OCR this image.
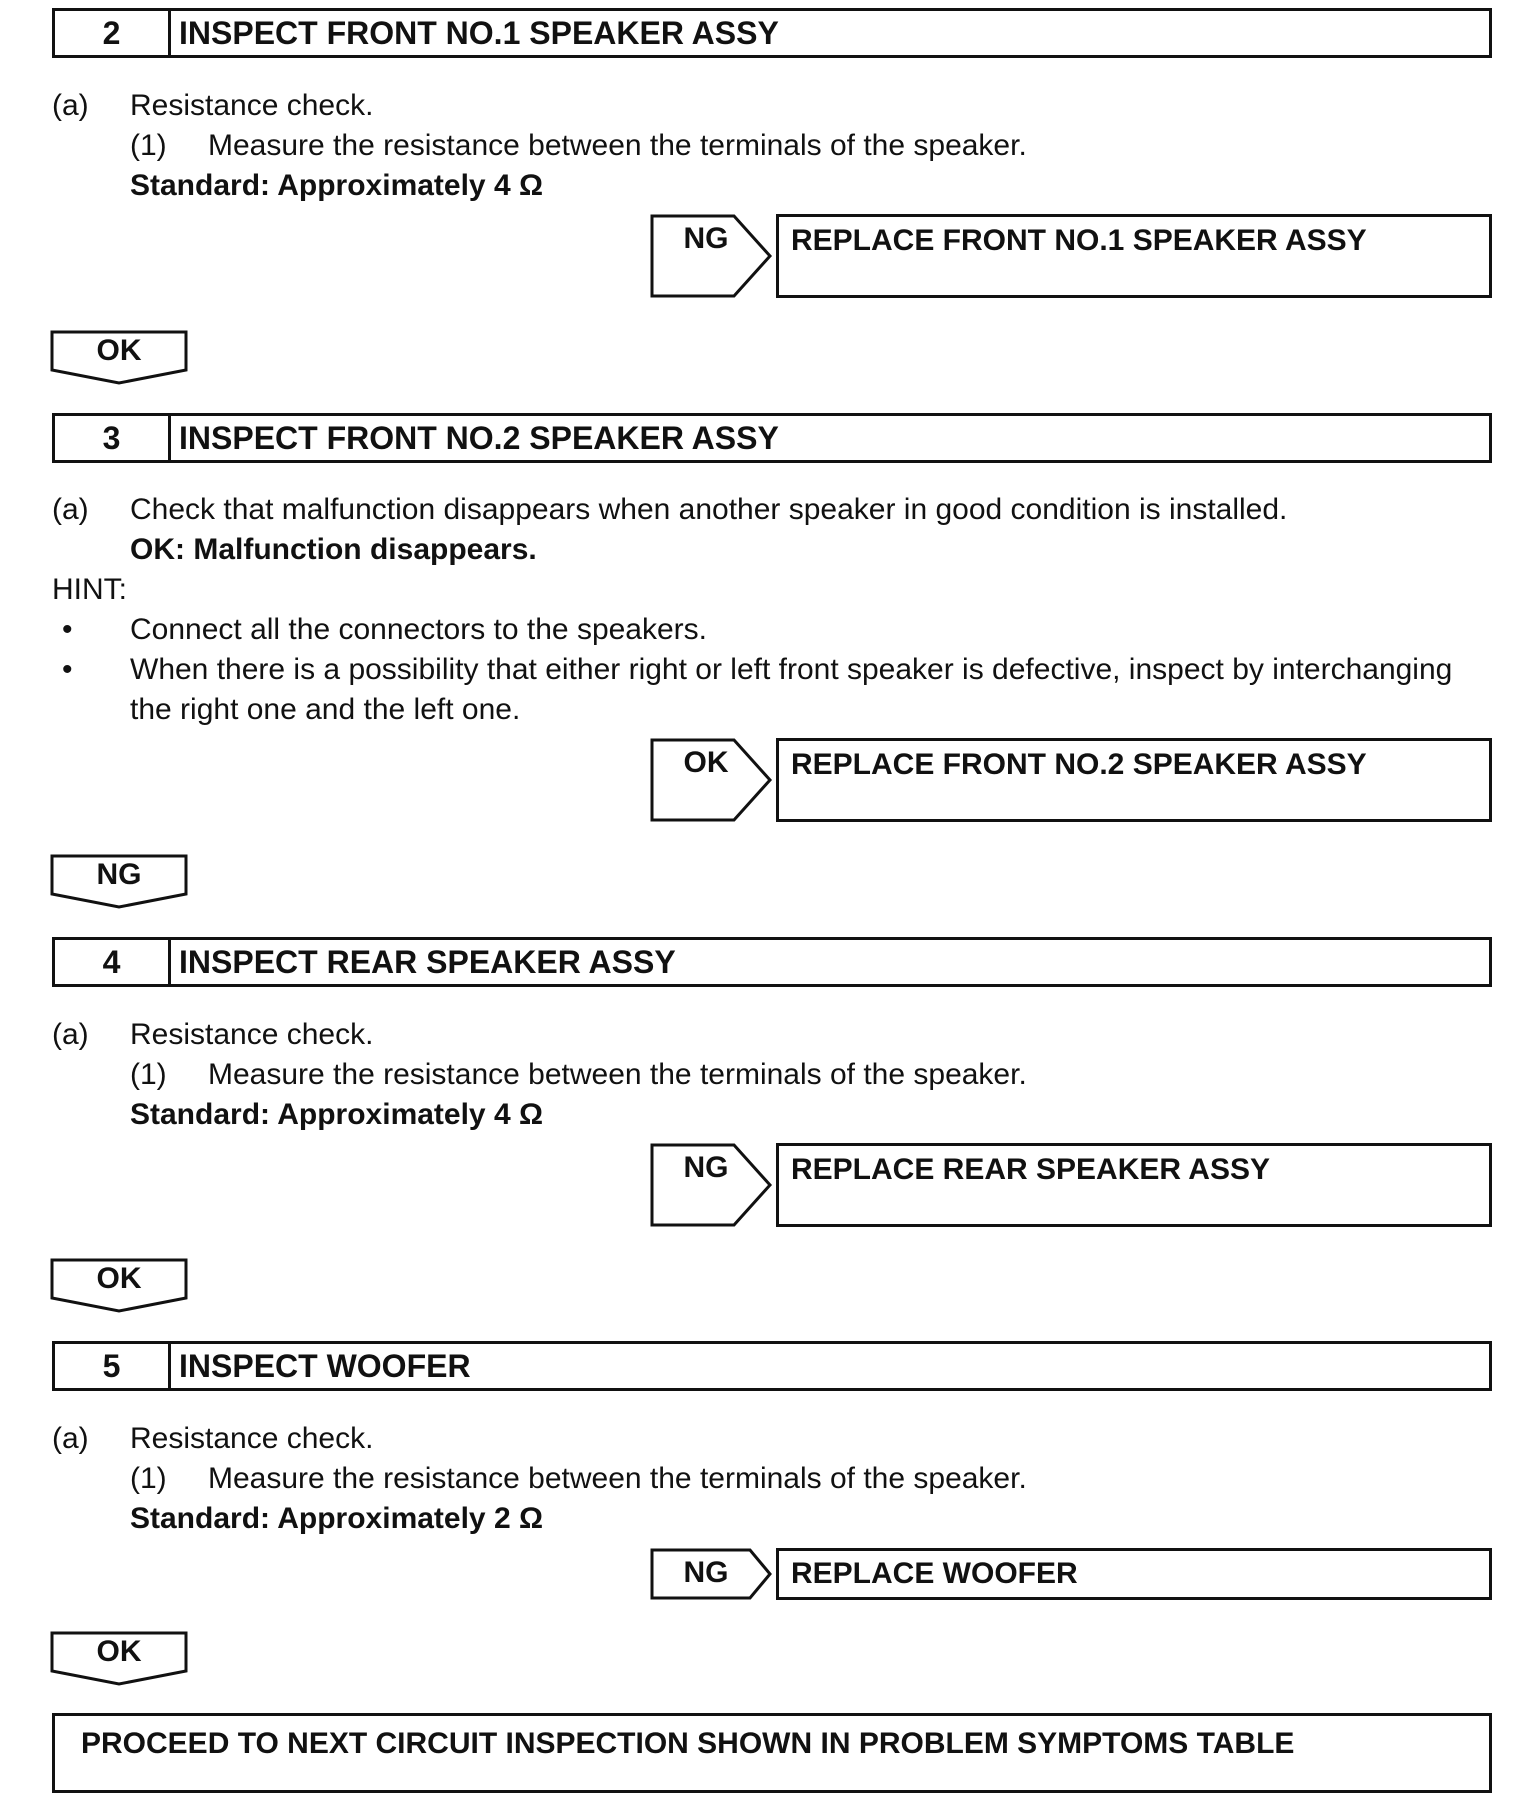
2	INSPECT FRONT NO.1 SPEAKER ASSY
(a) Resistance check.
(1) Measure the resistance between the terminals of the speaker.
Standard: Approximately 4 Ω
NG	REPLACE FRONT NO.1 SPEAKER ASSY
OK
3	INSPECT FRONT NO.2 SPEAKER ASSY
(a) Check that malfunction disappears when another speaker in good condition is installed.
OK: Malfunction disappears.
HINT:
• Connect all the connectors to the speakers.
• When there is a possibility that either right or left front speaker is defective, inspect by interchanging
the right one and the left one.
OK	REPLACE FRONT NO.2 SPEAKER ASSY
NG
4	INSPECT REAR SPEAKER ASSY
(a) Resistance check.
(1) Measure the resistance between the terminals of the speaker.
Standard: Approximately 4 Ω
NG	REPLACE REAR SPEAKER ASSY
OK
5	INSPECT WOOFER
(a) Resistance check.
(1) Measure the resistance between the terminals of the speaker.
Standard: Approximately 2 Ω
NG	REPLACE WOOFER
OK
PROCEED TO NEXT CIRCUIT INSPECTION SHOWN IN PROBLEM SYMPTOMS TABLE
